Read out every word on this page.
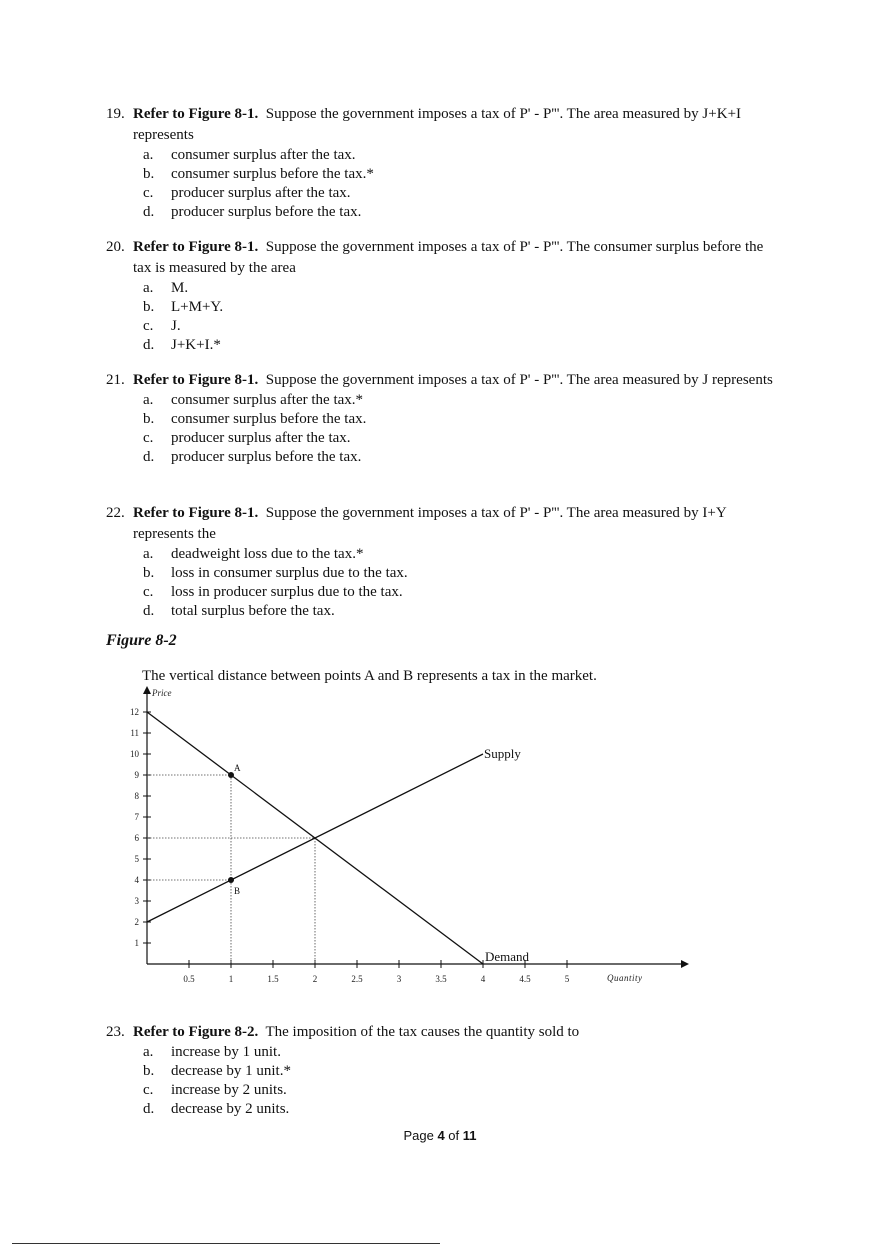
19. Refer to Figure 8-1. Suppose the government imposes a tax of P' - P'''. The area measured by J+K+I represents
a.	consumer surplus after the tax.
b.	consumer surplus before the tax.*
c.	producer surplus after the tax.
d.	producer surplus before the tax.
20. Refer to Figure 8-1. Suppose the government imposes a tax of P' - P'''. The consumer surplus before the tax is measured by the area
a.	M.
b.	L+M+Y.
c.	J.
d.	J+K+I.*
21. Refer to Figure 8-1. Suppose the government imposes a tax of P' - P'''. The area measured by J represents
a.	consumer surplus after the tax.*
b.	consumer surplus before the tax.
c.	producer surplus after the tax.
d.	producer surplus before the tax.
22. Refer to Figure 8-1. Suppose the government imposes a tax of P' - P'''. The area measured by I+Y represents the
a.	deadweight loss due to the tax.*
b.	loss in consumer surplus due to the tax.
c.	loss in producer surplus due to the tax.
d.	total surplus before the tax.
Figure 8-2
The vertical distance between points A and B represents a tax in the market.
Price
Quantity
1
2
3
4
5
6
7
8
9
10
11
12
0.5	1	1.5	2	2.5	3	3.5	4	4.5	5
Supply
Demand
A
B
23. Refer to Figure 8-2. The imposition of the tax causes the quantity sold to
a.	increase by 1 unit.
b.	decrease by 1 unit.*
c.	increase by 2 units.
d.	decrease by 2 units.
Page 4 of 11
